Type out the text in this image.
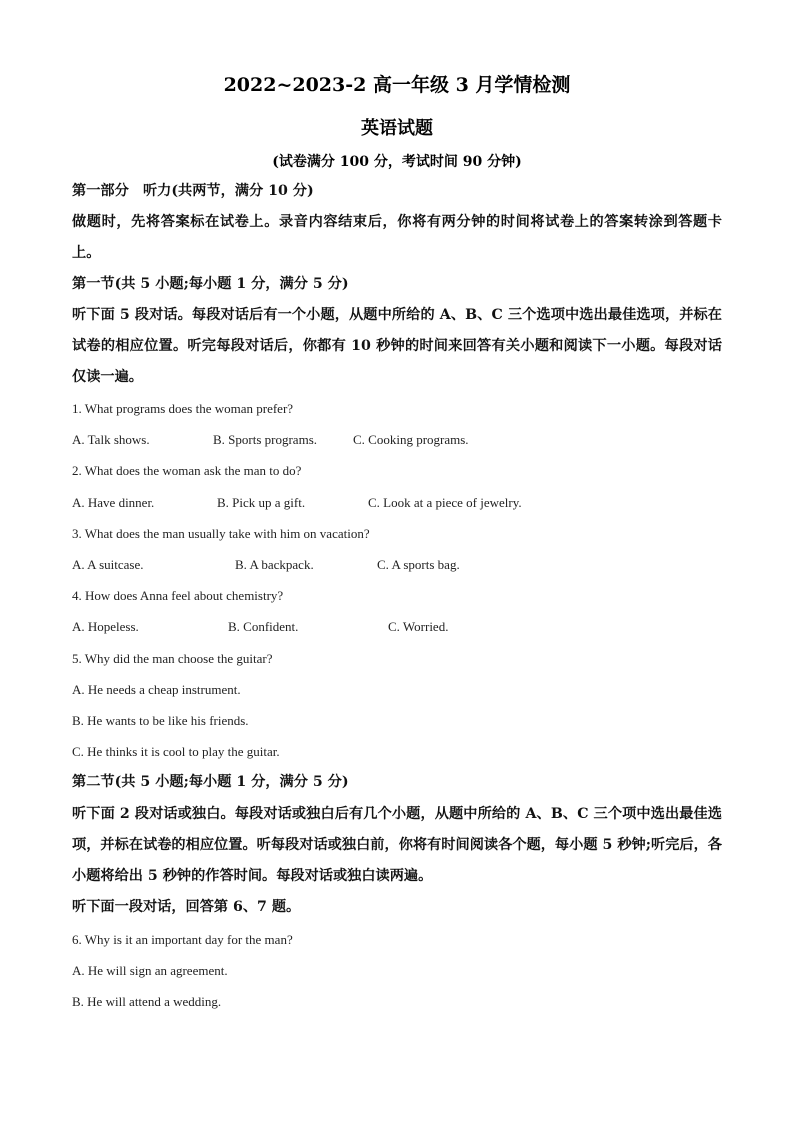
2022~2023-2 高一年级 3 月学情检测
英语试题
(试卷满分 100 分，考试时间 90 分钟)
第一部分　听力(共两节，满分 10 分)
做题时，先将答案标在试卷上。录音内容结束后，你将有两分钟的时间将试卷上的答案转涂到答题卡上。
第一节(共 5 小题;每小题 1 分，满分 5 分)
听下面 5 段对话。每段对话后有一个小题，从题中所给的 A、B、C 三个选项中选出最佳选项，并标在试卷的相应位置。听完每段对话后，你都有 10 秒钟的时间来回答有关小题和阅读下一小题。每段对话仅读一遍。
1. What programs does the woman prefer?
A. Talk shows.	B. Sports programs.	C. Cooking programs.
2. What does the woman ask the man to do?
A. Have dinner.	B. Pick up a gift.	C. Look at a piece of jewelry.
3. What does the man usually take with him on vacation?
A. A suitcase.	B. A backpack.	C. A sports bag.
4. How does Anna feel about chemistry?
A. Hopeless.	B. Confident.	C. Worried.
5. Why did the man choose the guitar?
A. He needs a cheap instrument.
B. He wants to be like his friends.
C. He thinks it is cool to play the guitar.
第二节(共 5 小题;每小题 1 分，满分 5 分)
听下面 2 段对话或独白。每段对话或独白后有几个小题，从题中所给的 A、B、C 三个项中选出最佳选项，并标在试卷的相应位置。听每段对话或独白前，你将有时间阅读各个题，每小题 5 秒钟;听完后，各小题将给出 5 秒钟的作答时间。每段对话或独白读两遍。
听下面一段对话，回答第 6、7 题。
6. Why is it an important day for the man?
A. He will sign an agreement.
B. He will attend a wedding.
